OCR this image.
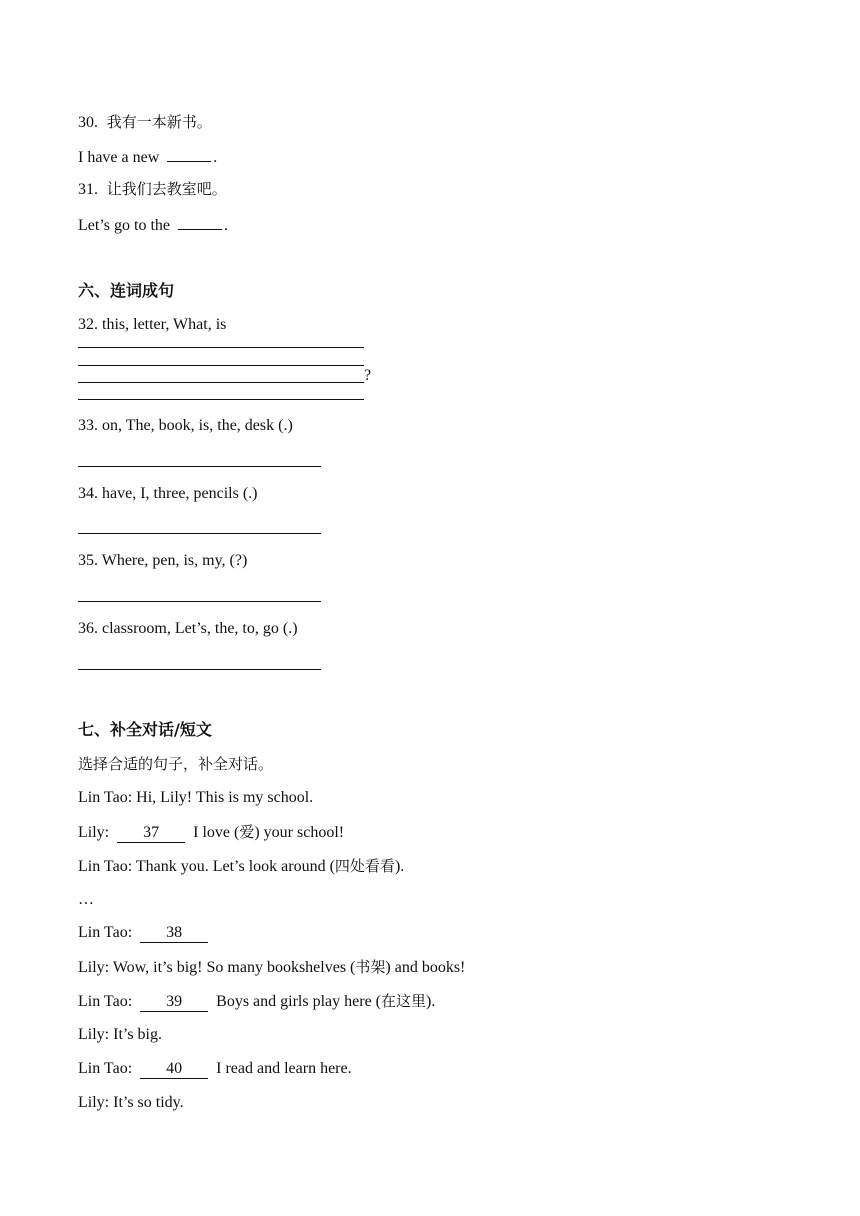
30. 我有一本新书。
I have a new	.
31. 让我们去教室吧。
Let’s go to the	.
六、连词成句
32. this, letter, What, is
?
33. on, The, book, is, the, desk (.)
34. have, I, three, pencils (.)
35. Where, pen, is, my, (?)
36. classroom, Let’s, the, to, go (.)
七、补全对话/短文
选择合适的句子，补全对话。
Lin Tao: Hi, Lily! This is my school.
Lily: 37 I love (爱) your school!
Lin Tao: Thank you. Let’s look around (四处看看).
…
Lin Tao: 38
Lily: Wow, it’s big! So many bookshelves (书架) and books!
Lin Tao: 39 Boys and girls play here (在这里).
Lily: It’s big.
Lin Tao: 40 I read and learn here.
Lily: It’s so tidy.
